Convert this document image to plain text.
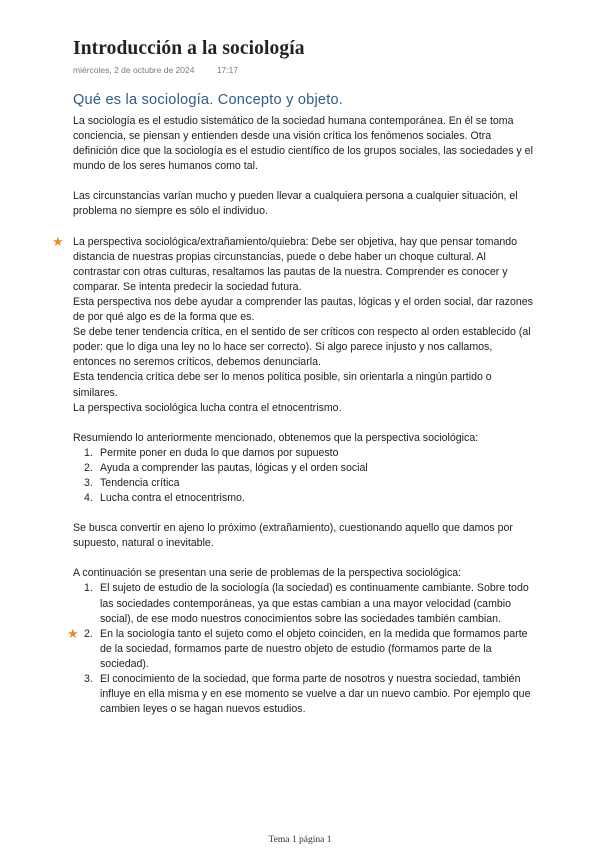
Introducción a la sociología
miércoles, 2 de octubre de 2024	17:17
Qué es la sociología. Concepto y objeto.

La sociología es el estudio sistemático de la sociedad humana contemporánea. En él se toma conciencia, se piensan y entienden desde una visión crítica los fenómenos sociales. Otra definición dice que la sociología es el estudio científico de los grupos sociales, las sociedades y el mundo de los seres humanos como tal.

Las circunstancias varían mucho y pueden llevar a cualquiera persona a cualquier situación, el problema no siempre es sólo el individuo.

★ La perspectiva sociológica/extrañamiento/quiebra: Debe ser objetiva, hay que pensar tomando distancia de nuestras propias circunstancias, puede o debe haber un choque cultural. Al contrastar con otras culturas, resaltamos las pautas de la nuestra. Comprender es conocer y comparar. Se intenta predecir la sociedad futura.

Esta perspectiva nos debe ayudar a comprender las pautas, lógicas y el orden social, dar razones de por qué algo es de la forma que es.

Se debe tener tendencia crítica, en el sentido de ser críticos con respecto al orden establecido (al poder: que lo diga una ley no lo hace ser correcto). Si algo parece injusto y nos callamos, entonces no seremos críticos, debemos denunciarla.

Esta tendencia crítica debe ser lo menos política posible, sin orientarla a ningún partido o similares.

La perspectiva sociológica lucha contra el etnocentrismo.

Resumiendo lo anteriormente mencionado, obtenemos que la perspectiva sociológica:

1. Permite poner en duda lo que damos por supuesto
2. Ayuda a comprender las pautas, lógicas y el orden social
3. Tendencia crítica
4. Lucha contra el etnocentrismo.

Se busca convertir en ajeno lo próximo (extrañamiento), cuestionando aquello que damos por supuesto, natural o inevitable.

A continuación se presentan una serie de problemas de la perspectiva sociológica:

1. El sujeto de estudio de la sociología (la sociedad) es continuamente cambiante. Sobre todo las sociedades contemporáneas, ya que estas cambian a una mayor velocidad (cambio social), de ese modo nuestros conocimientos sobre las sociedades también cambian.
★ 2. En la sociología tanto el sujeto como el objeto coinciden, en la medida que formamos parte de la sociedad, formamos parte de nuestro objeto de estudio (formamos parte de la sociedad).
3. El conocimiento de la sociedad, que forma parte de nosotros y nuestra sociedad, también influye en ella misma y en ese momento se vuelve a dar un nuevo cambio. Por ejemplo que cambien leyes o se hagan nuevos estudios.
Tema 1 página 1
